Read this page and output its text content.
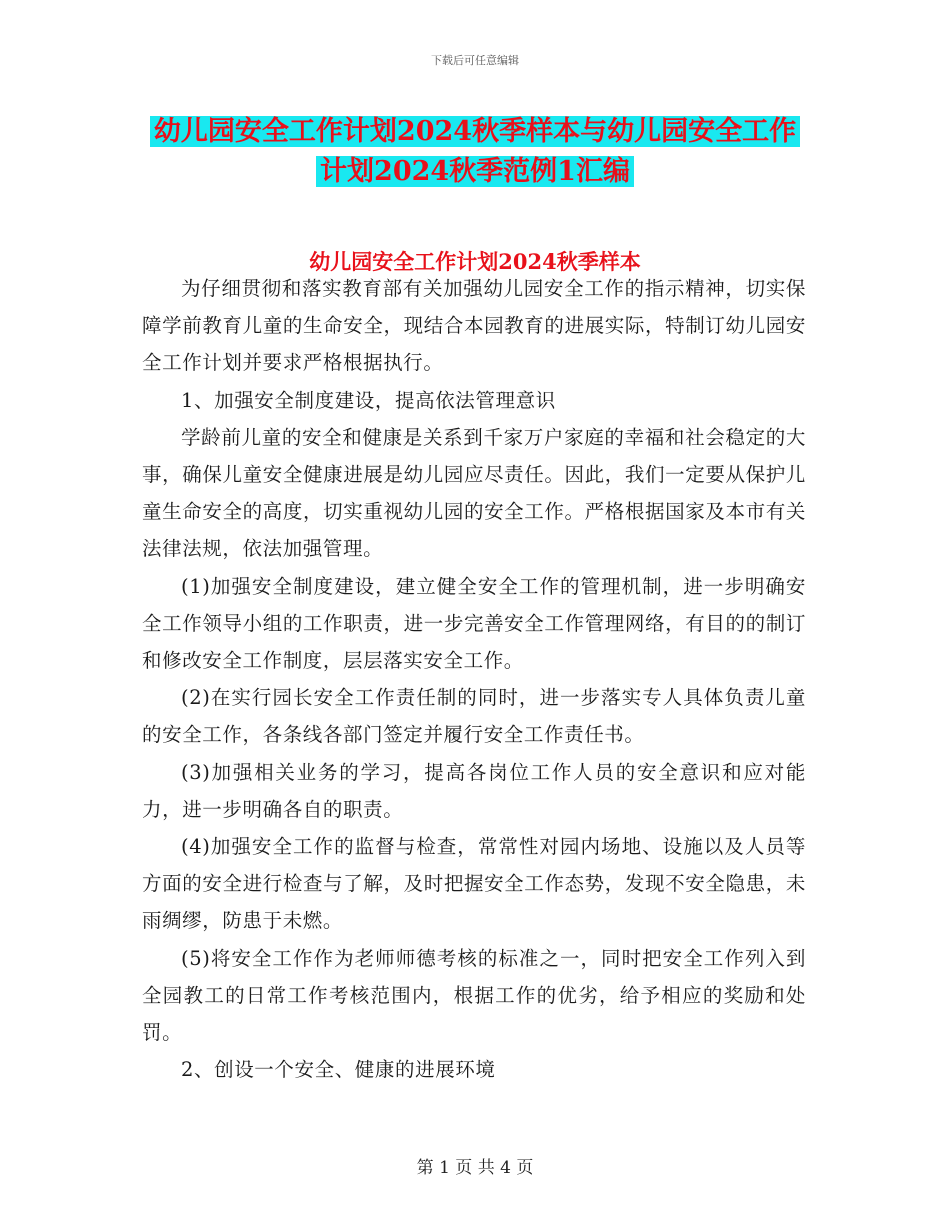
下载后可任意编辑
幼儿园安全工作计划2024秋季样本与幼儿园安全工作
计划2024秋季范例1汇编
幼儿园安全工作计划2024秋季样本

为仔细贯彻和落实教育部有关加强幼儿园安全工作的指示精神，切实保障学前教育儿童的生命安全，现结合本园教育的进展实际，特制订幼儿园安全工作计划并要求严格根据执行。

1、加强安全制度建设，提高依法管理意识

学龄前儿童的安全和健康是关系到千家万户家庭的幸福和社会稳定的大事，确保儿童安全健康进展是幼儿园应尽责任。因此，我们一定要从保护儿童生命安全的高度，切实重视幼儿园的安全工作。严格根据国家及本市有关法律法规，依法加强管理。

(1)加强安全制度建设，建立健全安全工作的管理机制，进一步明确安全工作领导小组的工作职责，进一步完善安全工作管理网络，有目的的制订和修改安全工作制度，层层落实安全工作。

(2)在实行园长安全工作责任制的同时，进一步落实专人具体负责儿童的安全工作，各条线各部门签定并履行安全工作责任书。

(3)加强相关业务的学习，提高各岗位工作人员的安全意识和应对能力，进一步明确各自的职责。

(4)加强安全工作的监督与检查，常常性对园内场地、设施以及人员等方面的安全进行检查与了解，及时把握安全工作态势，发现不安全隐患，未雨绸缪，防患于未燃。

(5)将安全工作作为老师师德考核的标准之一，同时把安全工作列入到全园教工的日常工作考核范围内，根据工作的优劣，给予相应的奖励和处罚。

2、创设一个安全、健康的进展环境

第 1 页 共 4 页
